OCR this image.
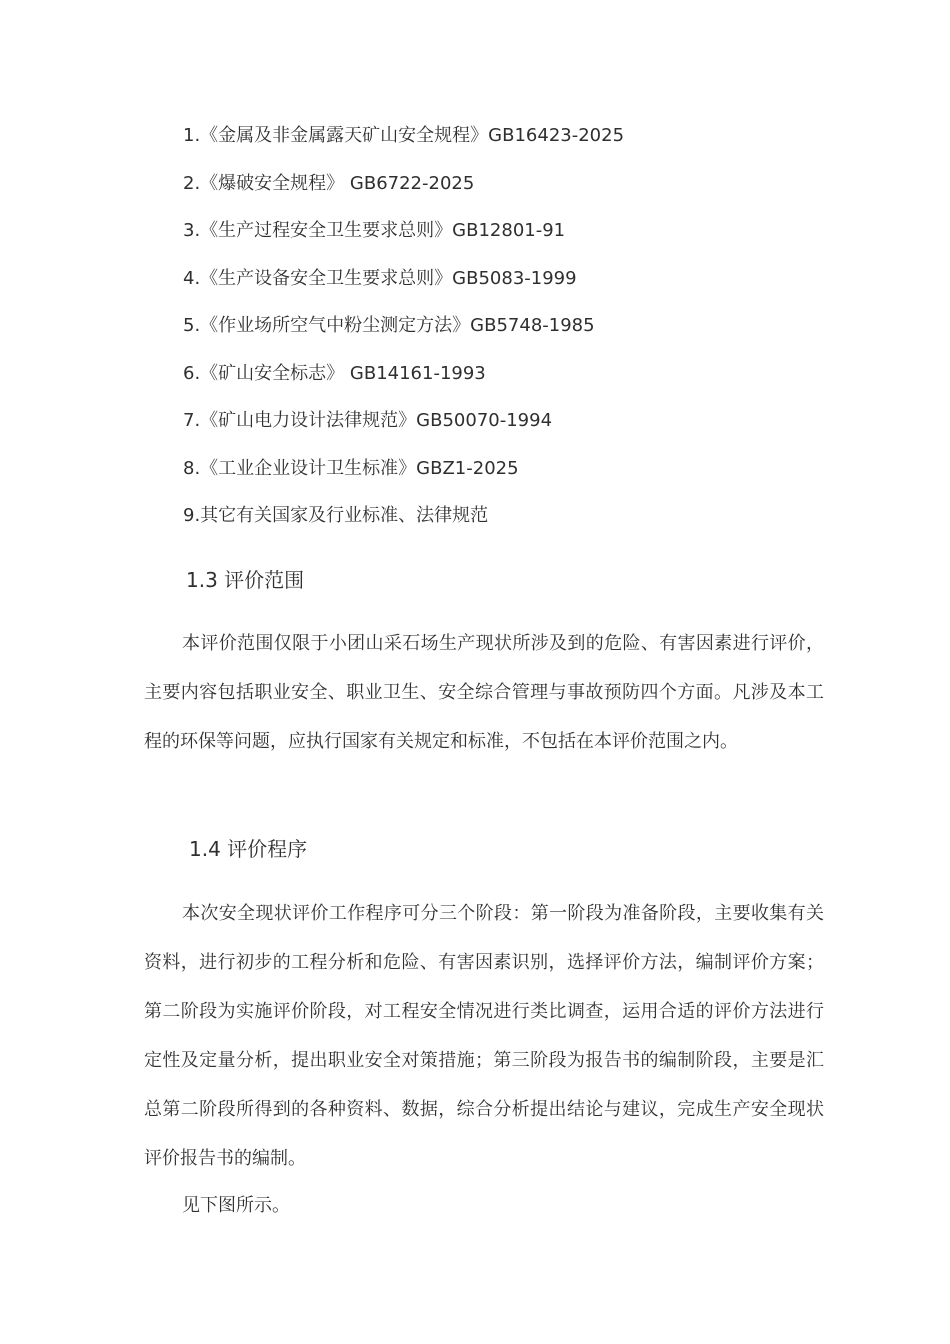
1.《金属及非金属露天矿山安全规程》GB16423-2025
2.《爆破安全规程》 GB6722-2025
3.《生产过程安全卫生要求总则》GB12801-91
4.《生产设备安全卫生要求总则》GB5083-1999
5.《作业场所空气中粉尘测定方法》GB5748-1985
6.《矿山安全标志》 GB14161-1993
7.《矿山电力设计法律规范》GB50070-1994
8.《工业企业设计卫生标准》GBZ1-2025
9.其它有关国家及行业标准、法律规范
1.3 评价范围

本评价范围仅限于小团山采石场生产现状所涉及到的危险、有害因素进行评价，主要内容包括职业安全、职业卫生、安全综合管理与事故预防四个方面。凡涉及本工程的环保等问题，应执行国家有关规定和标准，不包括在本评价范围之内。

1.4 评价程序

本次安全现状评价工作程序可分三个阶段：第一阶段为准备阶段，主要收集有关资料，进行初步的工程分析和危险、有害因素识别，选择评价方法，编制评价方案；第二阶段为实施评价阶段，对工程安全情况进行类比调查，运用合适的评价方法进行定性及定量分析，提出职业安全对策措施；第三阶段为报告书的编制阶段，主要是汇总第二阶段所得到的各种资料、数据，综合分析提出结论与建议，完成生产安全现状评价报告书的编制。

见下图所示。
